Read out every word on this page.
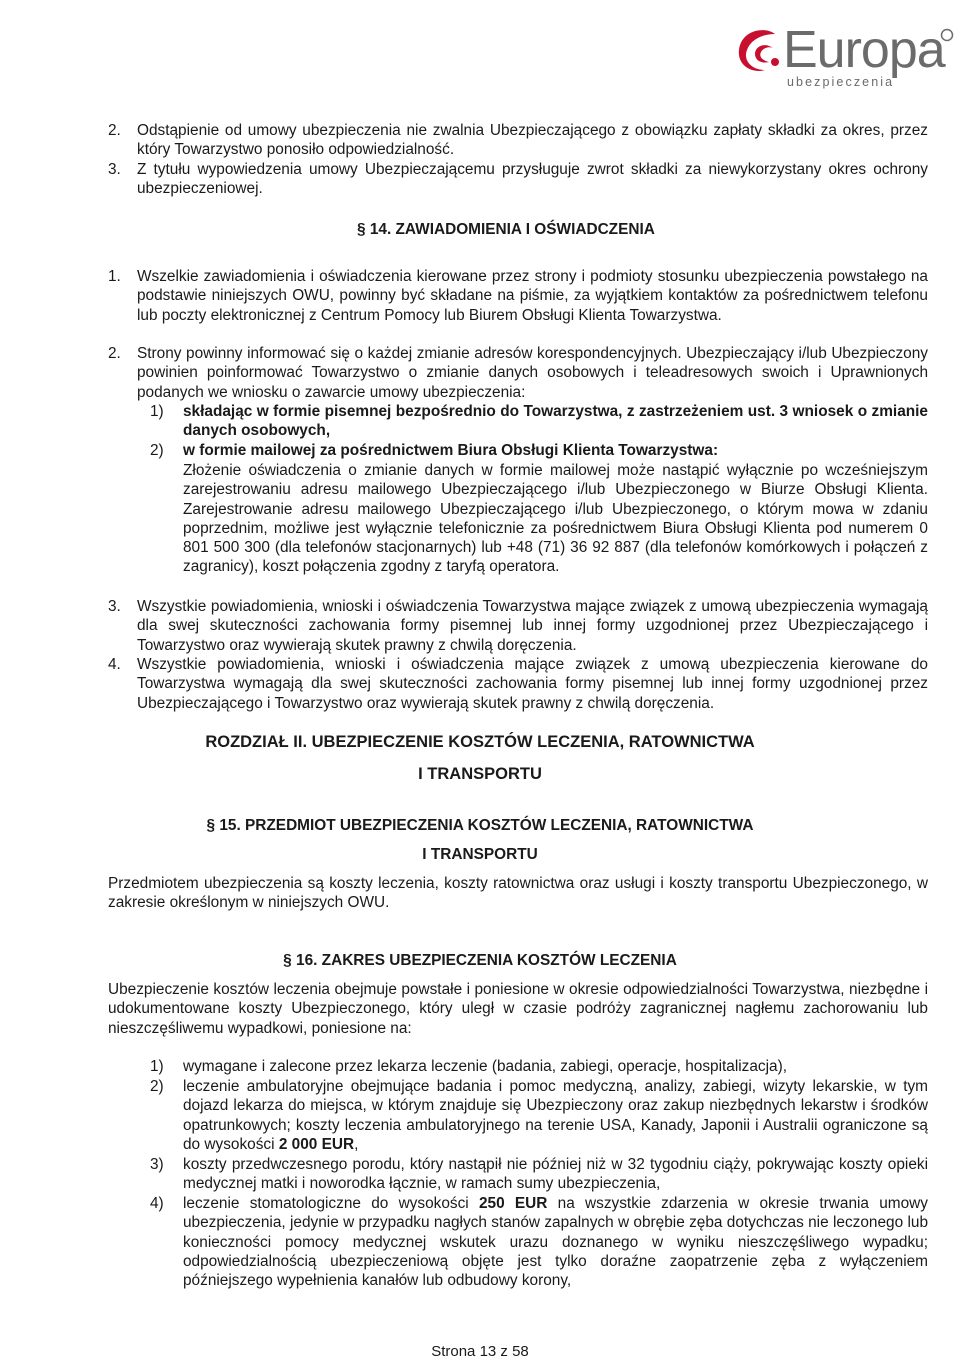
Europa
ubezpieczenia
2. Odstąpienie od umowy ubezpieczenia nie zwalnia Ubezpieczającego z obowiązku zapłaty składki za okres, przez który Towarzystwo ponosiło odpowiedzialność.
3. Z tytułu wypowiedzenia umowy Ubezpieczającemu przysługuje zwrot składki za niewykorzystany okres ochrony ubezpieczeniowej.
§ 14. ZAWIADOMIENIA I OŚWIADCZENIA
1. Wszelkie zawiadomienia i oświadczenia kierowane przez strony i podmioty stosunku ubezpieczenia powstałego na podstawie niniejszych OWU, powinny być składane na piśmie, za wyjątkiem kontaktów za pośrednictwem telefonu lub poczty elektronicznej z Centrum Pomocy lub Biurem Obsługi Klienta Towarzystwa.
2. Strony powinny informować się o każdej zmianie adresów korespondencyjnych. Ubezpieczający i/lub Ubezpieczony powinien poinformować Towarzystwo o zmianie danych osobowych i teleadresowych swoich i Uprawnionych podanych we wniosku o zawarcie umowy ubezpieczenia:
1) składając w formie pisemnej bezpośrednio do Towarzystwa, z zastrzeżeniem ust. 3 wniosek o zmianie danych osobowych,
2) w formie mailowej za pośrednictwem Biura Obsługi Klienta Towarzystwa:
Złożenie oświadczenia o zmianie danych w formie mailowej może nastąpić wyłącznie po wcześniejszym zarejestrowaniu adresu mailowego Ubezpieczającego i/lub Ubezpieczonego w Biurze Obsługi Klienta. Zarejestrowanie adresu mailowego Ubezpieczającego i/lub Ubezpieczonego, o którym mowa w zdaniu poprzednim, możliwe jest wyłącznie telefonicznie za pośrednictwem Biura Obsługi Klienta pod numerem 0 801 500 300 (dla telefonów stacjonarnych) lub +48 (71) 36 92 887 (dla telefonów komórkowych i połączeń z zagranicy), koszt połączenia zgodny z taryfą operatora.
3. Wszystkie powiadomienia, wnioski i oświadczenia Towarzystwa mające związek z umową ubezpieczenia wymagają dla swej skuteczności zachowania formy pisemnej lub innej formy uzgodnionej przez Ubezpieczającego i Towarzystwo oraz wywierają skutek prawny z chwilą doręczenia.
4. Wszystkie powiadomienia, wnioski i oświadczenia mające związek z umową ubezpieczenia kierowane do Towarzystwa wymagają dla swej skuteczności zachowania formy pisemnej lub innej formy uzgodnionej przez Ubezpieczającego i Towarzystwo oraz wywierają skutek prawny z chwilą doręczenia.
ROZDZIAŁ II. UBEZPIECZENIE KOSZTÓW LECZENIA, RATOWNICTWA
I TRANSPORTU
§ 15. PRZEDMIOT UBEZPIECZENIA KOSZTÓW LECZENIA, RATOWNICTWA
I TRANSPORTU
Przedmiotem ubezpieczenia są koszty leczenia, koszty ratownictwa oraz usługi i koszty transportu Ubezpieczonego, w zakresie określonym w niniejszych OWU.
§ 16. ZAKRES UBEZPIECZENIA KOSZTÓW LECZENIA
Ubezpieczenie kosztów leczenia obejmuje powstałe i poniesione w okresie odpowiedzialności Towarzystwa, niezbędne i udokumentowane koszty Ubezpieczonego, który uległ w czasie podróży zagranicznej nagłemu zachorowaniu lub nieszczęśliwemu wypadkowi, poniesione na:
1) wymagane i zalecone przez lekarza leczenie (badania, zabiegi, operacje, hospitalizacja),
2) leczenie ambulatoryjne obejmujące badania i pomoc medyczną, analizy, zabiegi, wizyty lekarskie, w tym dojazd lekarza do miejsca, w którym znajduje się Ubezpieczony oraz zakup niezbędnych lekarstw i środków opatrunkowych; koszty leczenia ambulatoryjnego na terenie USA, Kanady, Japonii i Australii ograniczone są do wysokości 2 000 EUR,
3) koszty przedwczesnego porodu, który nastąpił nie później niż w 32 tygodniu ciąży, pokrywając koszty opieki medycznej matki i noworodka łącznie, w ramach sumy ubezpieczenia,
4) leczenie stomatologiczne do wysokości 250 EUR na wszystkie zdarzenia w okresie trwania umowy ubezpieczenia, jedynie w przypadku nagłych stanów zapalnych w obrębie zęba dotychczas nie leczonego lub konieczności pomocy medycznej wskutek urazu doznanego w wyniku nieszczęśliwego wypadku; odpowiedzialnością ubezpieczeniową objęte jest tylko doraźne zaopatrzenie zęba z wyłączeniem późniejszego wypełnienia kanałów lub odbudowy korony,
Strona 13 z 58
